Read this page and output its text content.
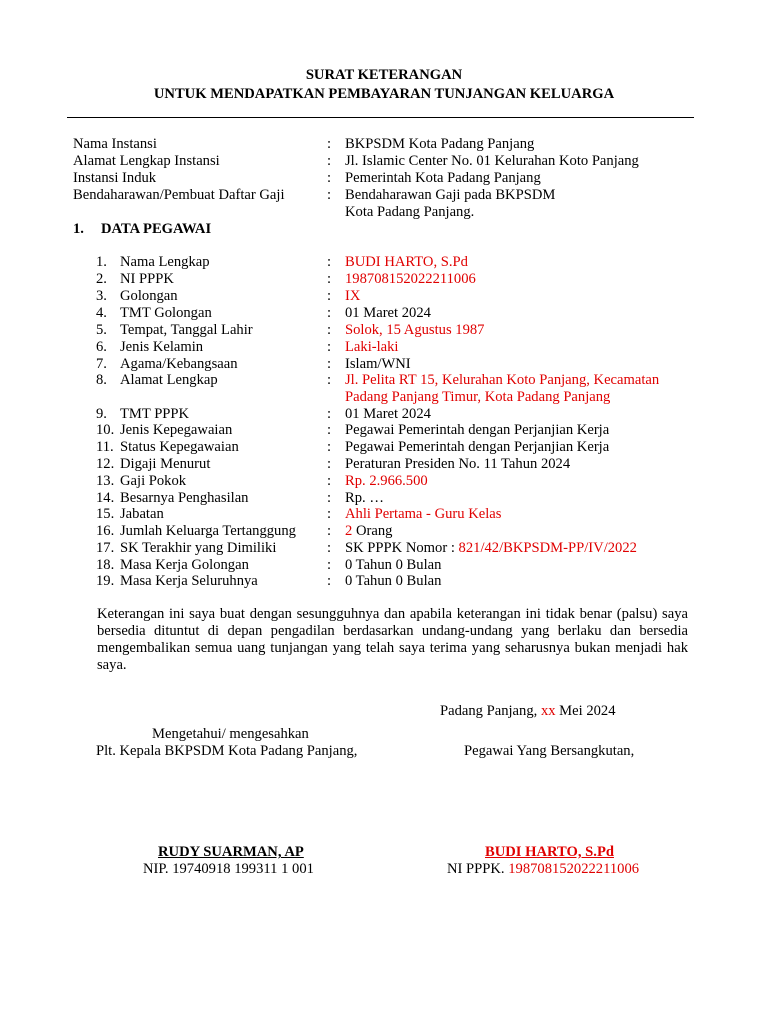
SURAT KETERANGAN
UNTUK MENDAPATKAN PEMBAYARAN TUNJANGAN KELUARGA
Nama Instansi	: BKPSDM Kota Padang Panjang
Alamat Lengkap Instansi	: Jl. Islamic Center No. 01 Kelurahan Koto Panjang
Instansi Induk	: Pemerintah Kota Padang Panjang
Bendaharawan/Pembuat Daftar Gaji	: Bendaharawan Gaji pada BKPSDM
Kota Padang Panjang.
1. DATA PEGAWAI
1. Nama Lengkap	: BUDI HARTO, S.Pd
2. NI PPPK	: 198708152022211006
3. Golongan	: IX
4. TMT Golongan	: 01 Maret 2024
5. Tempat, Tanggal Lahir	: Solok, 15 Agustus 1987
6. Jenis Kelamin	: Laki-laki
7. Agama/Kebangsaan	: Islam/WNI
8. Alamat Lengkap	: Jl. Pelita RT 15, Kelurahan Koto Panjang, Kecamatan
Padang Panjang Timur, Kota Padang Panjang
9. TMT PPPK	: 01 Maret 2024
10. Jenis Kepegawaian	: Pegawai Pemerintah dengan Perjanjian Kerja
11. Status Kepegawaian	: Pegawai Pemerintah dengan Perjanjian Kerja
12. Digaji Menurut	: Peraturan Presiden No. 11 Tahun 2024
13. Gaji Pokok	: Rp. 2.966.500
14. Besarnya Penghasilan	: Rp. …
15. Jabatan	: Ahli Pertama - Guru Kelas
16. Jumlah Keluarga Tertanggung : 2 Orang
17. SK Terakhir yang Dimiliki	: SK PPPK Nomor : 821/42/BKPSDM-PP/IV/2022
18. Masa Kerja Golongan	: 0 Tahun 0 Bulan
19. Masa Kerja Seluruhnya	: 0 Tahun 0 Bulan
Keterangan ini saya buat dengan sesungguhnya dan apabila keterangan ini tidak benar (palsu) saya bersedia dituntut di depan pengadilan berdasarkan undang-undang yang berlaku dan bersedia mengembalikan semua uang tunjangan yang telah saya terima yang seharusnya bukan menjadi hak saya.
Padang Panjang, xx Mei 2024
Mengetahui/ mengesahkan
Plt. Kepala BKPSDM Kota Padang Panjang,
RUDY SUARMAN, AP
NIP. 19740918 199311 1 001
Pegawai Yang Bersangkutan,
BUDI HARTO, S.Pd
NI PPPK. 198708152022211006
